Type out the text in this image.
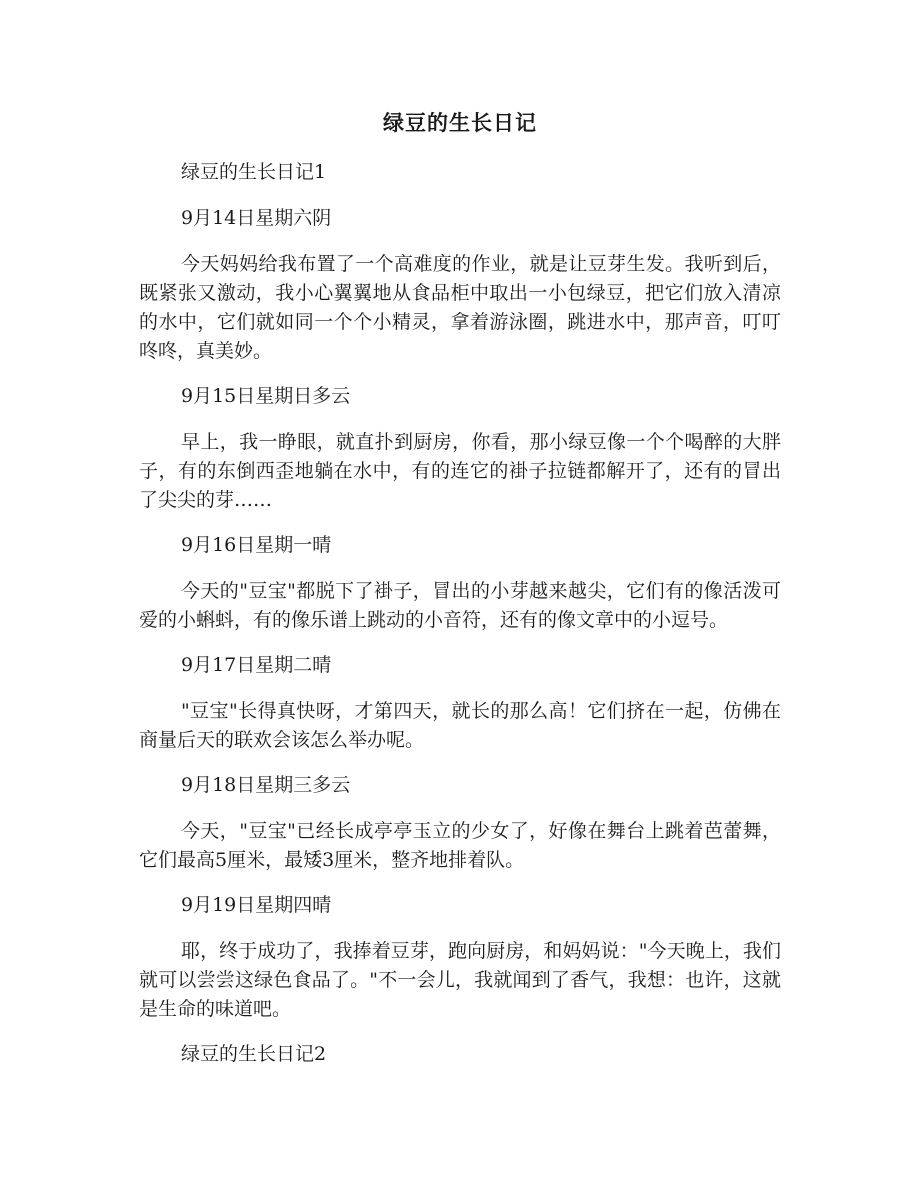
绿豆的生长日记
绿豆的生长日记1
9月14日星期六阴
今天妈妈给我布置了一个高难度的作业，就是让豆芽生发。我听到后，既紧张又激动，我小心翼翼地从食品柜中取出一小包绿豆，把它们放入清凉的水中，它们就如同一个个小精灵，拿着游泳圈，跳进水中，那声音，叮叮咚咚，真美妙。
9月15日星期日多云
早上，我一睁眼，就直扑到厨房，你看，那小绿豆像一个个喝醉的大胖子，有的东倒西歪地躺在水中，有的连它的褂子拉链都解开了，还有的冒出了尖尖的芽……
9月16日星期一晴
今天的"豆宝"都脱下了褂子，冒出的小芽越来越尖，它们有的像活泼可爱的小蝌蚪，有的像乐谱上跳动的小音符，还有的像文章中的小逗号。
9月17日星期二晴
"豆宝"长得真快呀，才第四天，就长的那么高！它们挤在一起，仿佛在商量后天的联欢会该怎么举办呢。
9月18日星期三多云
今天，"豆宝"已经长成亭亭玉立的少女了，好像在舞台上跳着芭蕾舞，它们最高5厘米，最矮3厘米，整齐地排着队。
9月19日星期四晴
耶，终于成功了，我捧着豆芽，跑向厨房，和妈妈说："今天晚上，我们就可以尝尝这绿色食品了。"不一会儿，我就闻到了香气，我想：也许，这就是生命的味道吧。
绿豆的生长日记2
